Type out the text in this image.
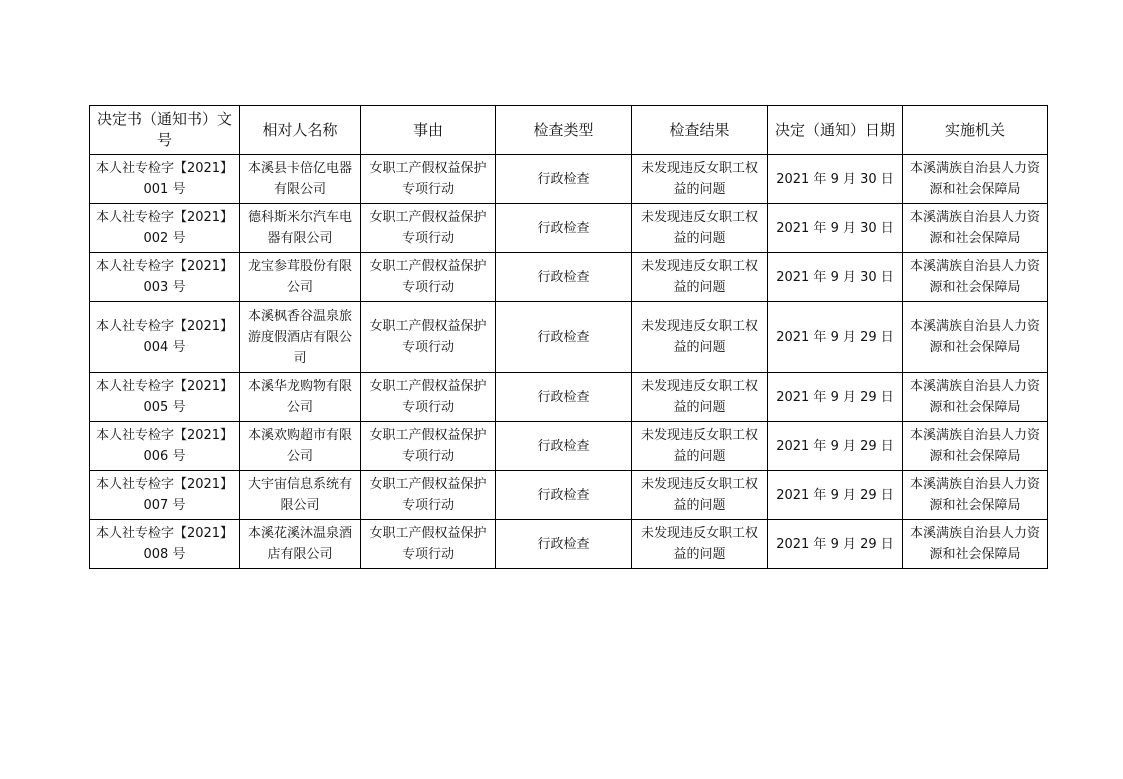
决定书（通知书）文号	相对人名称	事由	检查类型	检查结果	决定（通知）日期	实施机关
本人社专检字【2021】001 号	本溪县卡倍亿电器有限公司	女职工产假权益保护专项行动	行政检查	未发现违反女职工权益的问题	2021 年 9 月 30 日	本溪满族自治县人力资源和社会保障局
本人社专检字【2021】002 号	德科斯米尔汽车电器有限公司	女职工产假权益保护专项行动	行政检查	未发现违反女职工权益的问题	2021 年 9 月 30 日	本溪满族自治县人力资源和社会保障局
本人社专检字【2021】003 号	龙宝参茸股份有限公司	女职工产假权益保护专项行动	行政检查	未发现违反女职工权益的问题	2021 年 9 月 30 日	本溪满族自治县人力资源和社会保障局
本人社专检字【2021】004 号	本溪枫香谷温泉旅游度假酒店有限公司	女职工产假权益保护专项行动	行政检查	未发现违反女职工权益的问题	2021 年 9 月 29 日	本溪满族自治县人力资源和社会保障局
本人社专检字【2021】005 号	本溪华龙购物有限公司	女职工产假权益保护专项行动	行政检查	未发现违反女职工权益的问题	2021 年 9 月 29 日	本溪满族自治县人力资源和社会保障局
本人社专检字【2021】006 号	本溪欢购超市有限公司	女职工产假权益保护专项行动	行政检查	未发现违反女职工权益的问题	2021 年 9 月 29 日	本溪满族自治县人力资源和社会保障局
本人社专检字【2021】007 号	大宇宙信息系统有限公司	女职工产假权益保护专项行动	行政检查	未发现违反女职工权益的问题	2021 年 9 月 29 日	本溪满族自治县人力资源和社会保障局
本人社专检字【2021】008 号	本溪花溪沐温泉酒店有限公司	女职工产假权益保护专项行动	行政检查	未发现违反女职工权益的问题	2021 年 9 月 29 日	本溪满族自治县人力资源和社会保障局
